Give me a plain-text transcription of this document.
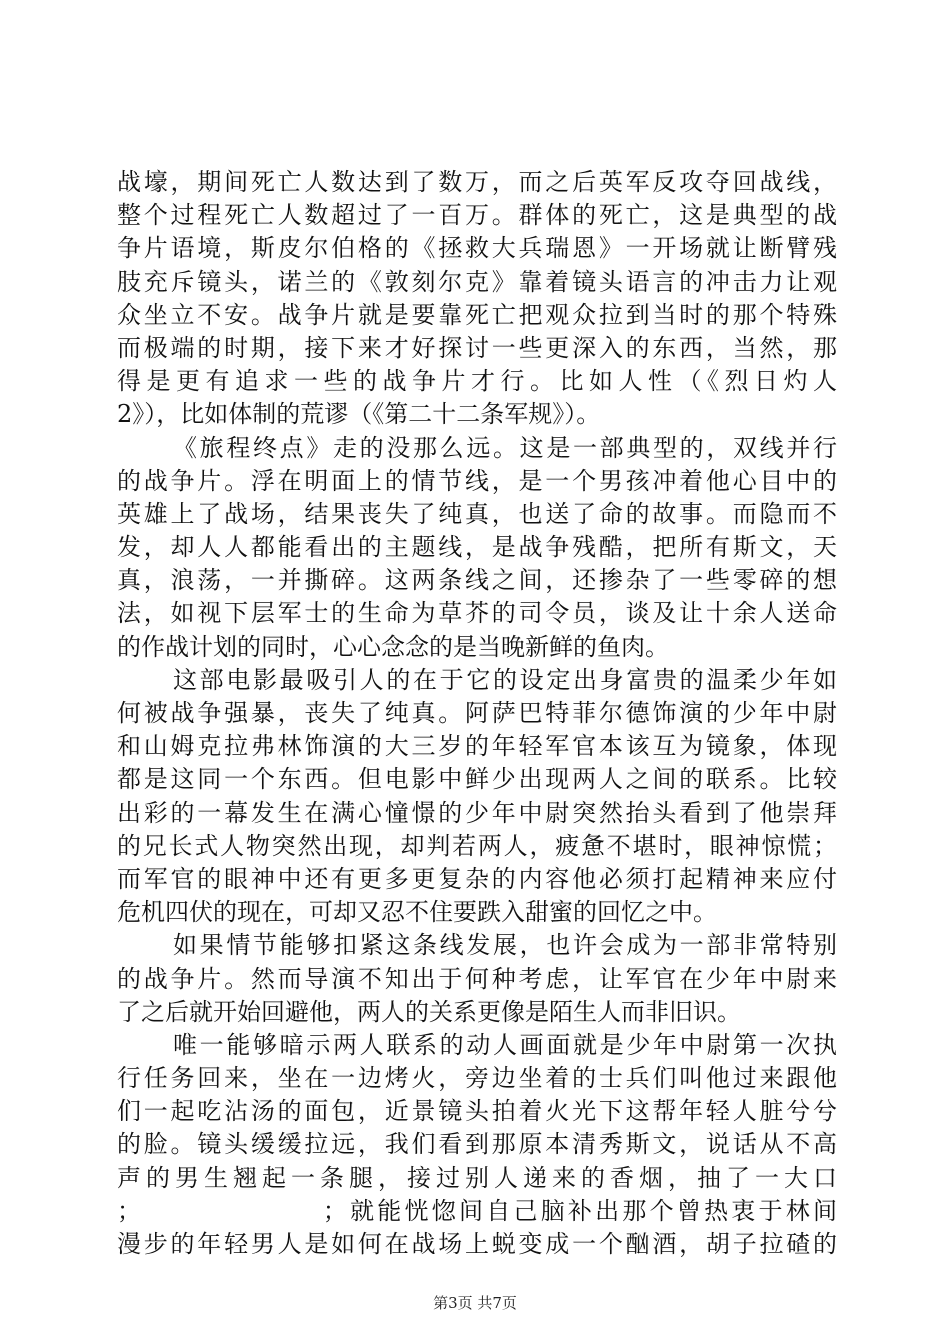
战壕，期间死亡人数达到了数万，而之后英军反攻夺回战线，
整个过程死亡人数超过了一百万。群体的死亡，这是典型的战
争片语境，斯皮尔伯格的《拯救大兵瑞恩》一开场就让断臂残
肢充斥镜头，诺兰的《敦刻尔克》靠着镜头语言的冲击力让观
众坐立不安。战争片就是要靠死亡把观众拉到当时的那个特殊
而极端的时期，接下来才好探讨一些更深入的东西，当然，那
得是更有追求一些的战争片才行。比如人性（《烈日灼人
2》），比如体制的荒谬（《第二十二条军规》）。
《旅程终点》走的没那么远。这是一部典型的，双线并行
的战争片。浮在明面上的情节线，是一个男孩冲着他心目中的
英雄上了战场，结果丧失了纯真，也送了命的故事。而隐而不
发，却人人都能看出的主题线，是战争残酷，把所有斯文，天
真，浪荡，一并撕碎。这两条线之间，还掺杂了一些零碎的想
法，如视下层军士的生命为草芥的司令员，谈及让十余人送命
的作战计划的同时，心心念念的是当晚新鲜的鱼肉。
这部电影最吸引人的在于它的设定出身富贵的温柔少年如
何被战争强暴，丧失了纯真。阿萨巴特菲尔德饰演的少年中尉
和山姆克拉弗林饰演的大三岁的年轻军官本该互为镜象，体现
都是这同一个东西。但电影中鲜少出现两人之间的联系。比较
出彩的一幕发生在满心憧憬的少年中尉突然抬头看到了他崇拜
的兄长式人物突然出现，却判若两人，疲惫不堪时，眼神惊慌；
而军官的眼神中还有更多更复杂的内容他必须打起精神来应付
危机四伏的现在，可却又忍不住要跌入甜蜜的回忆之中。
如果情节能够扣紧这条线发展，也许会成为一部非常特别
的战争片。然而导演不知出于何种考虑，让军官在少年中尉来
了之后就开始回避他，两人的关系更像是陌生人而非旧识。
唯一能够暗示两人联系的动人画面就是少年中尉第一次执
行任务回来，坐在一边烤火，旁边坐着的士兵们叫他过来跟他
们一起吃沾汤的面包，近景镜头拍着火光下这帮年轻人脏兮兮
的脸。镜头缓缓拉远，我们看到那原本清秀斯文，说话从不高
声的男生翘起一条腿，接过别人递来的香烟，抽了一大口
；　　　　　　　；就能恍惚间自己脑补出那个曾热衷于林间
漫步的年轻男人是如何在战场上蜕变成一个酗酒，胡子拉碴的
第3页 共7页
